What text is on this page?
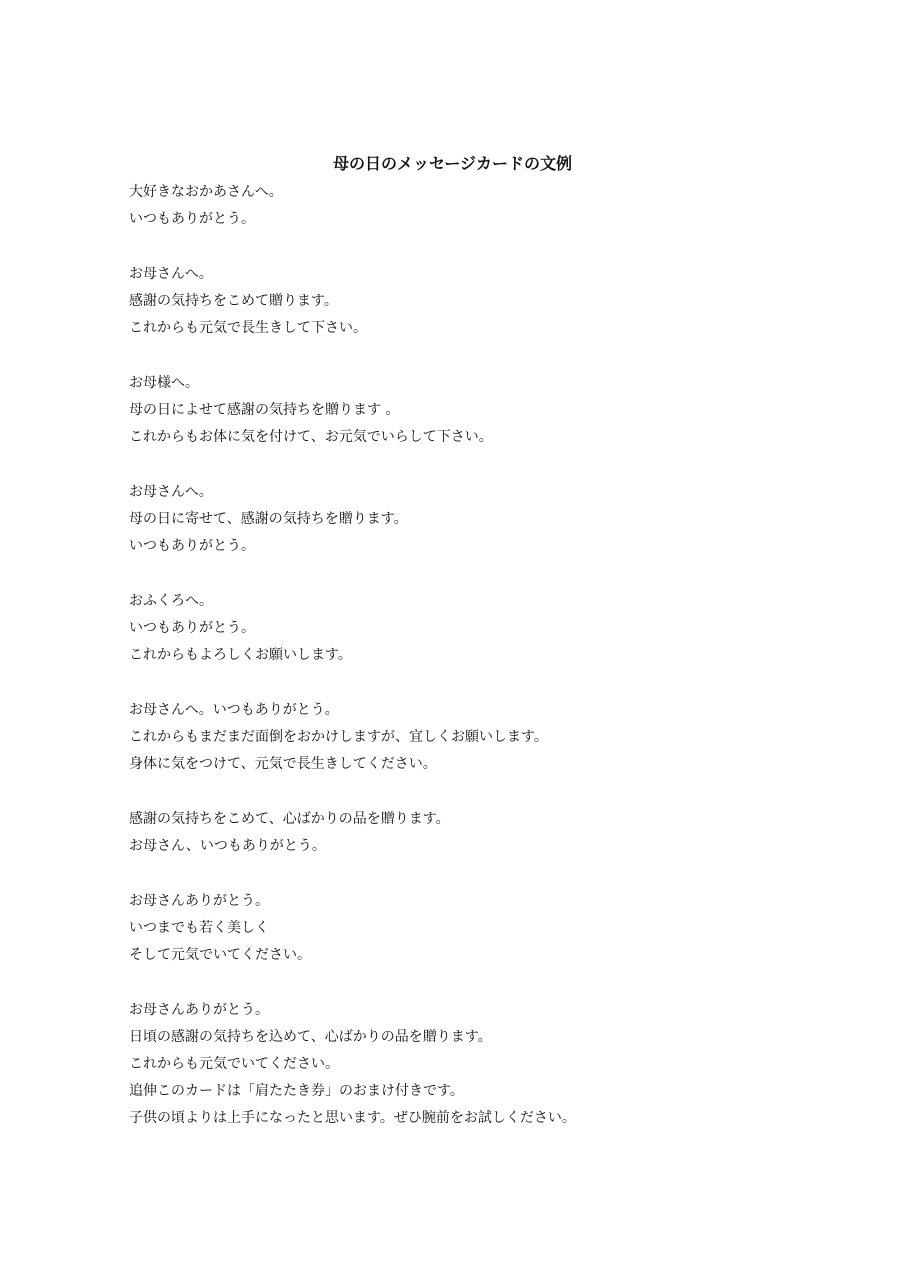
母の日のメッセージカードの文例
大好きなおかあさんへ。
いつもありがとう。
お母さんへ。
感謝の気持ちをこめて贈ります。
これからも元気で長生きして下さい。
お母様へ。
母の日によせて感謝の気持ちを贈ります 。
これからもお体に気を付けて、お元気でいらして下さい。
お母さんへ。
母の日に寄せて、感謝の気持ちを贈ります。
いつもありがとう。
おふくろへ。
いつもありがとう。
これからもよろしくお願いします。
お母さんへ。いつもありがとう。
これからもまだまだ面倒をおかけしますが、宜しくお願いします。
身体に気をつけて、元気で長生きしてください。
感謝の気持ちをこめて、心ばかりの品を贈ります。
お母さん、いつもありがとう。
お母さんありがとう。
いつまでも若く美しく
そして元気でいてください。
お母さんありがとう。
日頃の感謝の気持ちを込めて、心ばかりの品を贈ります。
これからも元気でいてください。
追伸このカードは「肩たたき券」のおまけ付きです。
子供の頃よりは上手になったと思います。ぜひ腕前をお試しください。
